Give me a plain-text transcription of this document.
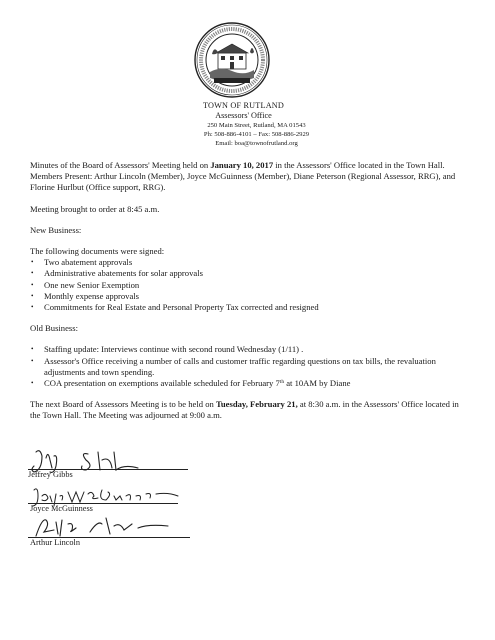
TOWN OF RUTLAND
Assessors' Office
250 Main Street, Rutland, MA 01543
Ph: 508-886-4101 – Fax: 508-886-2929
Email: boa@townofrutland.org

Minutes of the Board of Assessors' Meeting held on January 10, 2017 in the Assessors' Office located in the Town Hall.

Members Present: Arthur Lincoln (Member), Joyce McGuinness (Member), Diane Peterson (Regional Assessor, RRG), and Florine Hurlbut (Office support, RRG).

Meeting brought to order at 8:45 a.m.

New Business:

The following documents were signed:

• Two abatement approvals
• Administrative abatements for solar approvals
• One new Senior Exemption
• Monthly expense approvals
• Commitments for Real Estate and Personal Property Tax corrected and resigned

Old Business:

• Staffing update: Interviews continue with second round Wednesday (1/11) .
• Assessor's Office receiving a number of calls and customer traffic regarding questions on tax bills, the revaluation adjustments and town spending.
• COA presentation on exemptions available scheduled for February 7th at 10AM by Diane

The next Board of Assessors Meeting is to be held on Tuesday, February 21, at 8:30 a.m. in the Assessors' Office located in the Town Hall. The Meeting was adjourned at 9:00 a.m.

Jeffrey Gibbs
Joyce McGuinness
Arthur Lincoln
